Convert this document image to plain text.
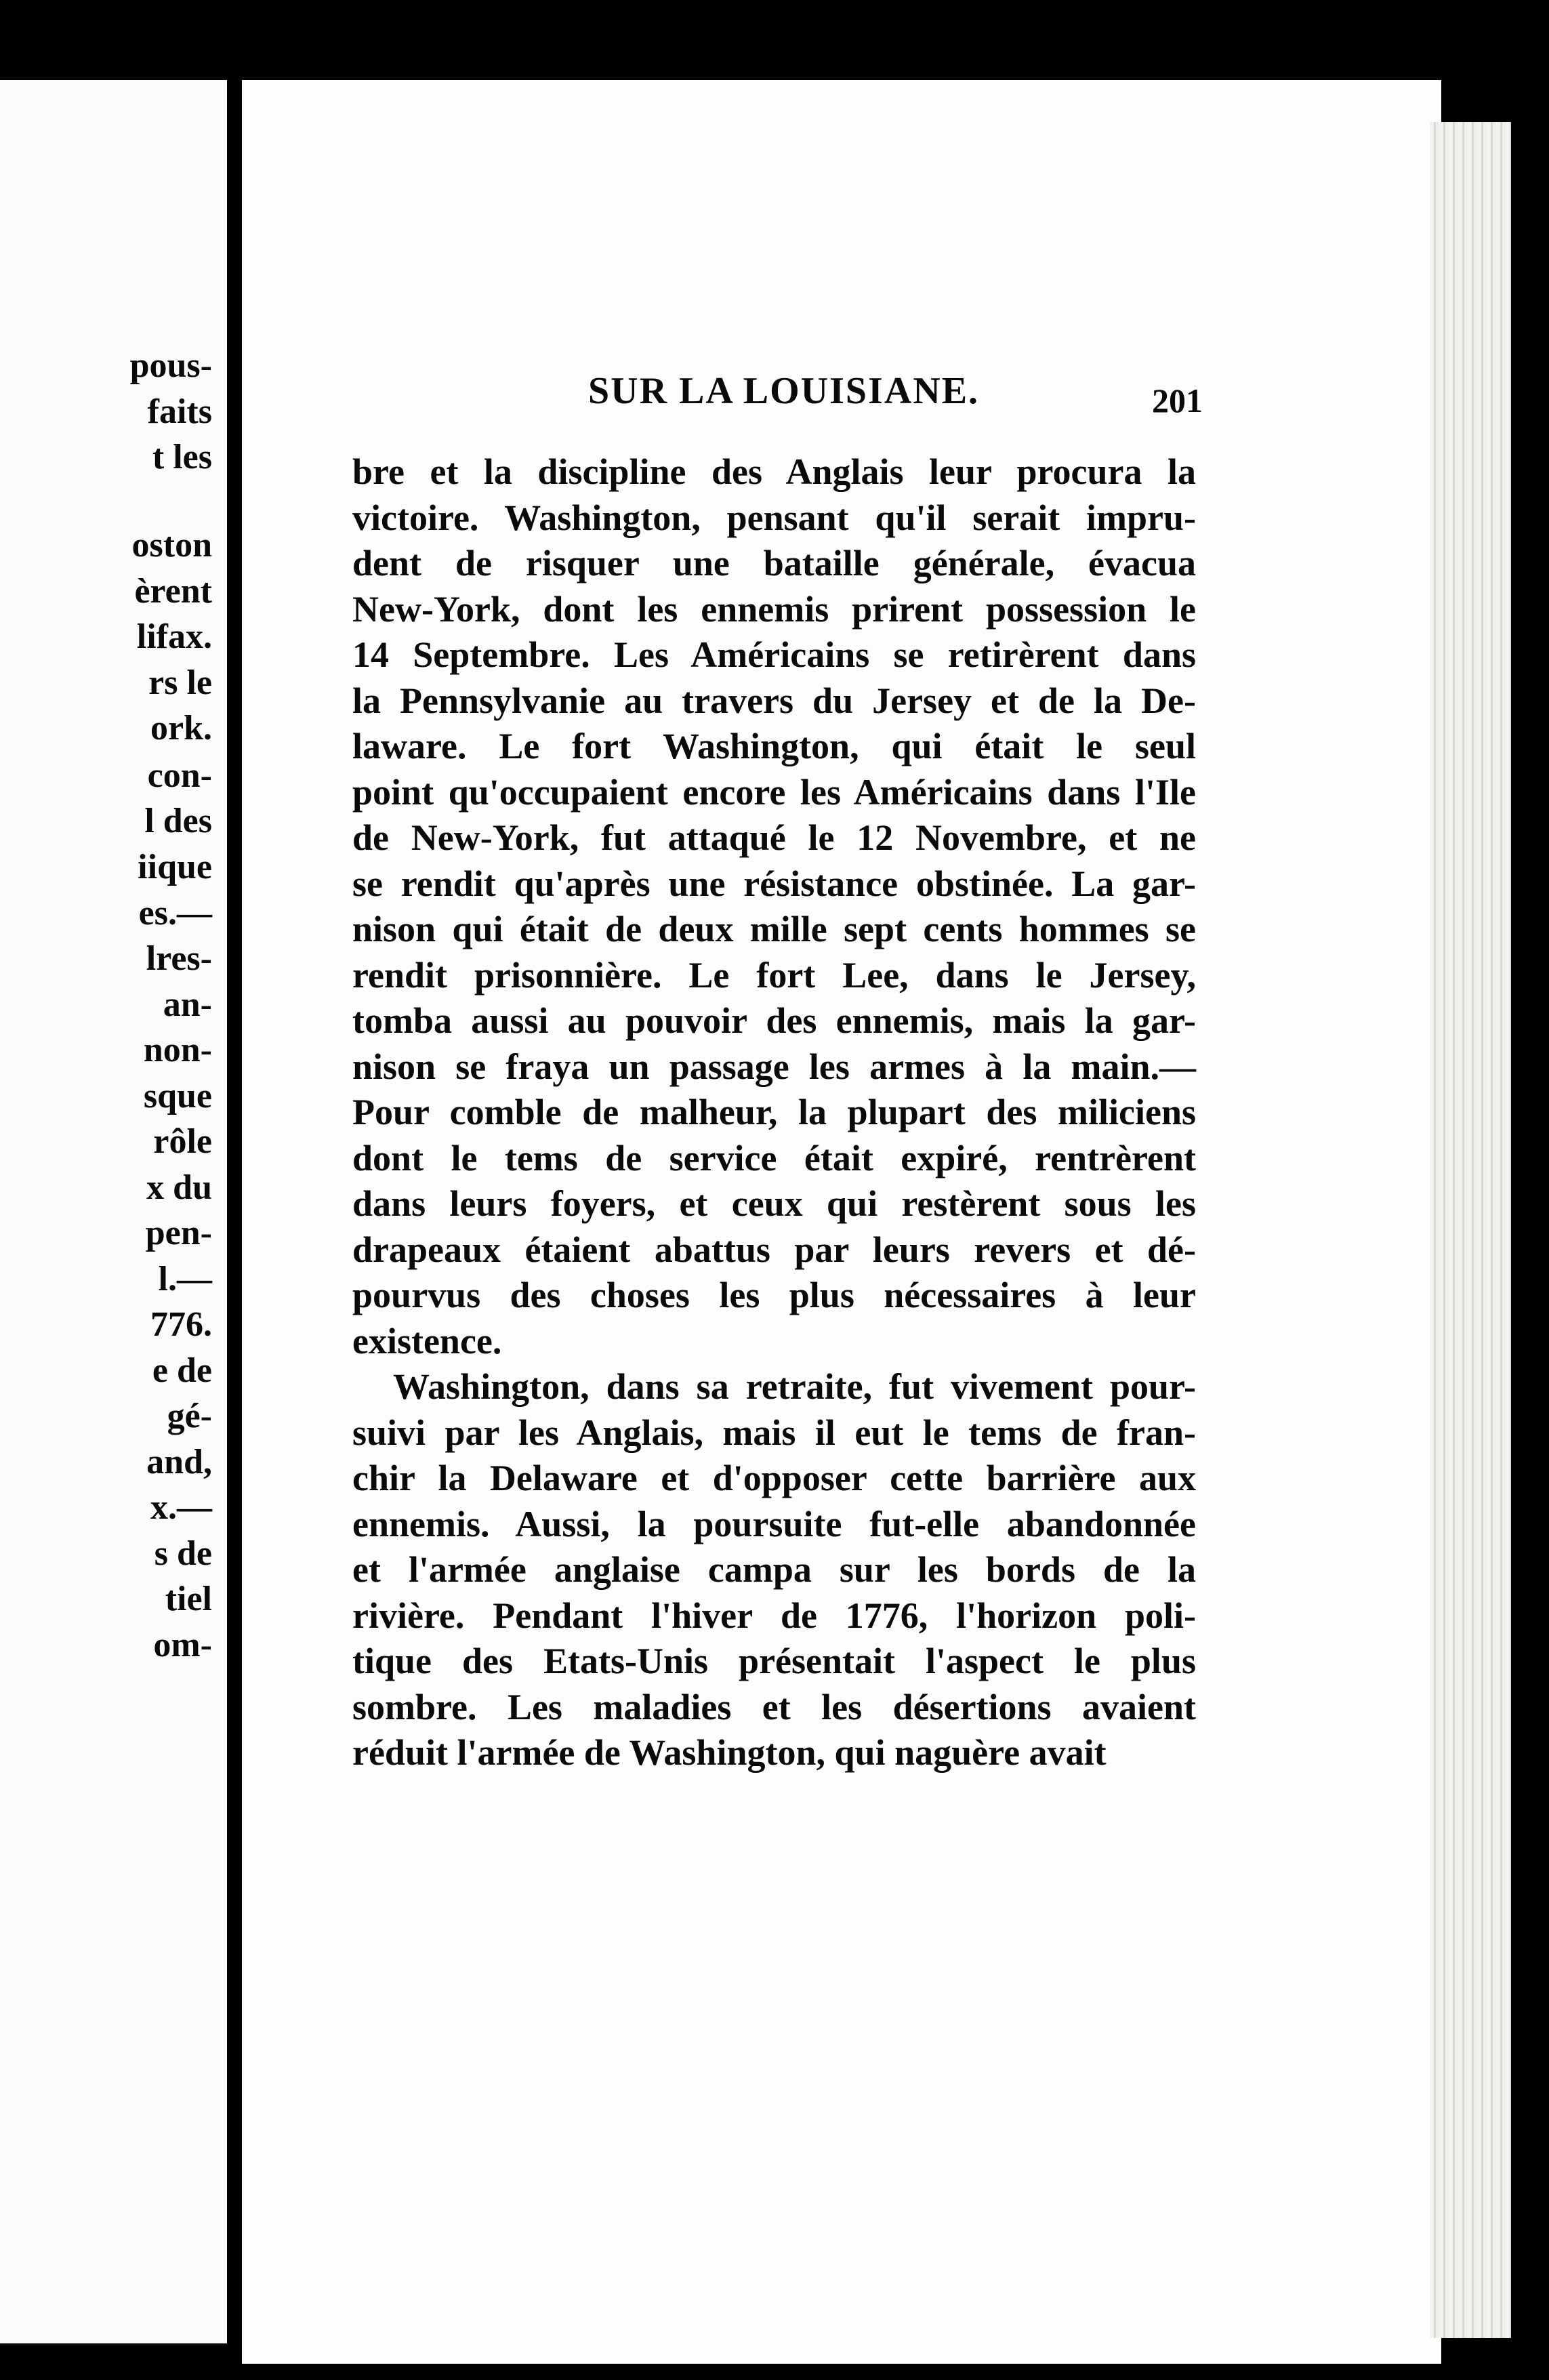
pous-
faits
t les
oston
èrent
lifax.
rs le
ork.
con-
l des
iique
es.—
lres-
an-
non-
sque
rôle
x du
pen-
l.—
776.
e de
gé-
and,
x.—
s de
tiel
om-
SUR LA LOUISIANE.	201
bre et la discipline des Anglais leur procura la
victoire. Washington, pensant qu'il serait impru-
dent de risquer une bataille générale, évacua
New-York, dont les ennemis prirent possession le
14 Septembre. Les Américains se retirèrent dans
la Pennsylvanie au travers du Jersey et de la De-
laware. Le fort Washington, qui était le seul
point qu'occupaient encore les Américains dans l'Ile
de New-York, fut attaqué le 12 Novembre, et ne
se rendit qu'après une résistance obstinée. La gar-
nison qui était de deux mille sept cents hommes se
rendit prisonnière. Le fort Lee, dans le Jersey,
tomba aussi au pouvoir des ennemis, mais la gar-
nison se fraya un passage les armes à la main.—
Pour comble de malheur, la plupart des miliciens
dont le tems de service était expiré, rentrèrent
dans leurs foyers, et ceux qui restèrent sous les
drapeaux étaient abattus par leurs revers et dé-
pourvus des choses les plus nécessaires à leur
existence.
Washington, dans sa retraite, fut vivement pour-
suivi par les Anglais, mais il eut le tems de fran-
chir la Delaware et d'opposer cette barrière aux
ennemis. Aussi, la poursuite fut-elle abandonnée
et l'armée anglaise campa sur les bords de la
rivière. Pendant l'hiver de 1776, l'horizon poli-
tique des Etats-Unis présentait l'aspect le plus
sombre. Les maladies et les désertions avaient
réduit l'armée de Washington, qui naguère avait
